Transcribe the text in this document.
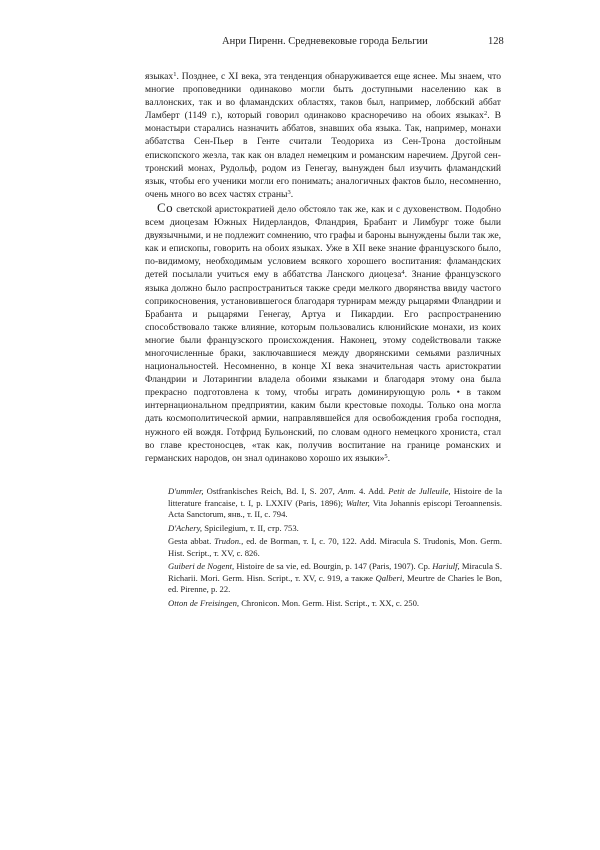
Анри Пиренн. Средневековые города Бельгии	128

языках$^1$. Позднее, с XI века, эта тенденция обнаруживается еще яснее. Мы знаем, что многие проповедники одинаково могли быть доступными населению как в валлонских, так и во фламандских областях, таков был, например, лоббский аббат Ламберт (1149 г.), который говорил одинаково красноречиво на обоих языках$^2$. В монастыри старались назначить аббатов, знавших оба языка. Так, например, монахи аббатства Сен-Пьер в Генте считали Теодориха из Сен-Трона достойным епископского жезла, так как он владел немецким и романским наречием. Другой сен-тронский монах, Рудольф, родом из Генегау, вынужден был изучить фламандский язык, чтобы его ученики могли его понимать; аналогичных фактов было, несомненно, очень много во всех частях страны$^3$.

Со светской аристократией дело обстояло так же, как и с духовенством. Подобно всем диоцезам Южных Нидерландов, Фландрия, Брабант и Лимбург тоже были двуязычными, и не подлежит сомнению, что графы и бароны вынуждены были так же, как и епископы, говорить на обоих языках. Уже в XII веке знание французского было, по-видимому, необходимым условием всякого хорошего воспитания: фламандских детей посылали учиться ему в аббатства Ланского диоцеза$^4$. Знание французского языка должно было распространиться также среди мелкого дворянства ввиду частого соприкосновения, установившегося благодаря турнирам между рыцарями Фландрии и Брабанта и рыцарями Генегау, Артуа и Пикардии. Его распространению способствовало также влияние, которым пользовались клюнийские монахи, из коих многие были французского происхождения. Наконец, этому содействовали также многочисленные браки, заключавшиеся между дворянскими семьями различных национальностей. Несомненно, в конце XI века значительная часть аристократии Фландрии и Лотарингии владела обоими языками и благодаря этому она была прекрасно подготовлена к тому, чтобы играть доминирующую роль • в таком интернациональном предприятии, каким были крестовые походы. Только она могла дать космополитической армии, направлявшейся для освобождения гроба господня, нужного ей вождя. Готфрид Бульонский, по словам одного немецкого хрониста, стал во главе крестоносцев, «так как, получив воспитание на границе романских и германских народов, он знал одинаково хорошо их языки»$^5$.

D'ummler, Ostfrankisches Reich, Bd. I, S. 207, Anm. 4. Add. Petit de Julleuile, Histoire de la litterature francaise, t. I, p. LXXIV (Paris, 1896); Walter, Vita Johannis episcopi Teroannensis. Acta Sanctorum, янв., т. II, с. 794.

D'Achery, Spicilegium, т. II, стр. 753.

Gesta abbat. Trudon., ed. de Borman, т. I, с. 70, 122. Add. Miracula S. Trudonis, Mon. Germ. Hist. Script., т. XV, с. 826.

Guiberi de Nogent, Histoire de sa vie, ed. Bourgin, p. 147 (Paris, 1907). Ср. Hariulf, Miracula S. Richarii. Mori. Germ. Hisn. Script., т. XV, с. 919, а также Qalberi, Meurtre de Charies le Bon, ed. Pirenne, p. 22.

Otton de Freisingen, Chronicon. Mon. Germ. Hist. Script., т. XX, с. 250.
